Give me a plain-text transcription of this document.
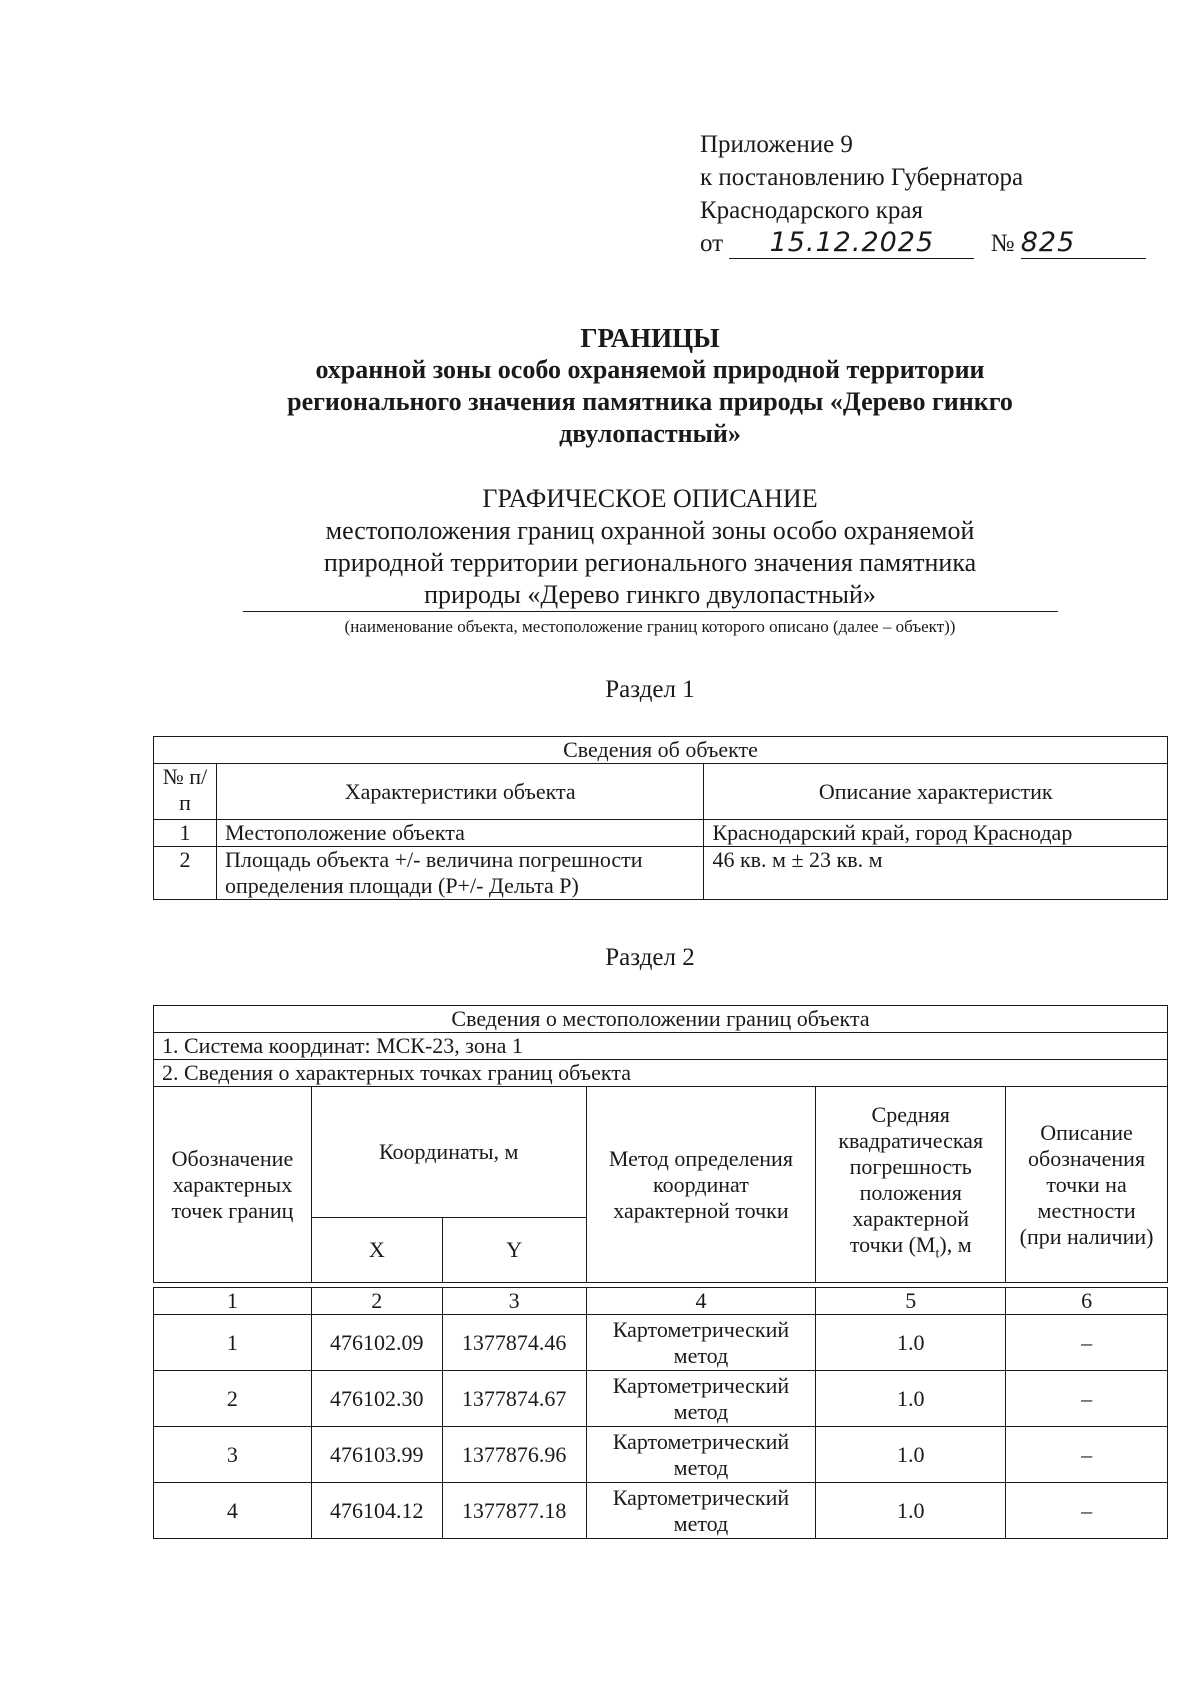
Приложение 9
к постановлению Губернатора
Краснодарского края
от 15.12.2025 № 825
ГРАНИЦЫ
охранной зоны особо охраняемой природной территории
регионального значения памятника природы «Дерево гинкго
двулопастный»
ГРАФИЧЕСКОЕ ОПИСАНИЕ
местоположения границ охранной зоны особо охраняемой
природной территории регионального значения памятника
природы «Дерево гинкго двулопастный»
(наименование объекта, местоположение границ которого описано (далее – объект))
Раздел 1
Сведения об объекте		
№ п/п	Характеристики объекта	Описание характеристик
1	Местоположение объекта	Краснодарский край, город Краснодар
2	Площадь объекта +/- величина погрешности определения площади (Р+/- Дельта Р)	46 кв. м ± 23 кв. м
Раздел 2
Сведения о местоположении границ объекта					
1. Система координат: МСК-23, зона 1					
2. Сведения о характерных точках границ объекта					
Обозначение характерных точек границ	Координаты, м		Метод определения координат характерной точки	Средняя квадратическая погрешность положения характерной точки $(M_t)$, м	Описание обозначения точки на местности (при наличии)
	X	Y			

1	2	3	4	5	6
1	476102.09	1377874.46	Картометрический метод	1.0	–
2	476102.30	1377874.67	Картометрический метод	1.0	–
3	476103.99	1377876.96	Картометрический метод	1.0	–
4	476104.12	1377877.18	Картометрический метод	1.0	–
